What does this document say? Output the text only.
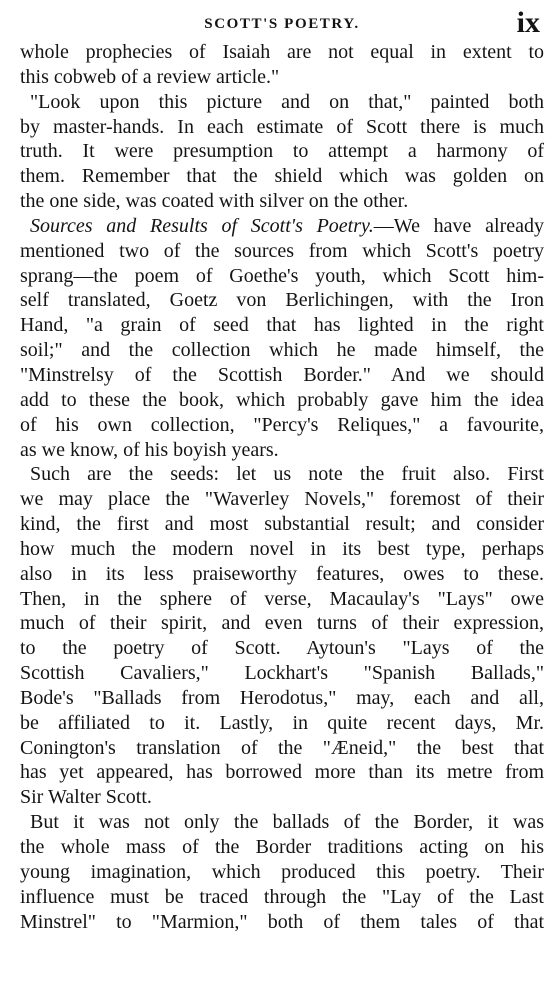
SCOTT'S POETRY.	ix
whole prophecies of Isaiah are not equal in extent to
this cobweb of a review article."
"Look upon this picture and on that," painted both
by master-hands. In each estimate of Scott there is much
truth. It were presumption to attempt a harmony of
them. Remember that the shield which was golden on
the one side, was coated with silver on the other.
Sources and Results of Scott's Poetry.—We have already
mentioned two of the sources from which Scott's poetry
sprang—the poem of Goethe's youth, which Scott him-
self translated, Goetz von Berlichingen, with the Iron
Hand, "a grain of seed that has lighted in the right
soil;" and the collection which he made himself, the
"Minstrelsy of the Scottish Border." And we should
add to these the book, which probably gave him the idea
of his own collection, "Percy's Reliques," a favourite,
as we know, of his boyish years.
Such are the seeds: let us note the fruit also. First
we may place the "Waverley Novels," foremost of their
kind, the first and most substantial result; and consider
how much the modern novel in its best type, perhaps
also in its less praiseworthy features, owes to these.
Then, in the sphere of verse, Macaulay's "Lays" owe
much of their spirit, and even turns of their expression,
to the poetry of Scott. Aytoun's "Lays of the
Scottish Cavaliers," Lockhart's "Spanish Ballads,"
Bode's "Ballads from Herodotus," may, each and all,
be affiliated to it. Lastly, in quite recent days, Mr.
Conington's translation of the "Æneid," the best that
has yet appeared, has borrowed more than its metre from
Sir Walter Scott.
But it was not only the ballads of the Border, it was
the whole mass of the Border traditions acting on his
young imagination, which produced this poetry. Their
influence must be traced through the "Lay of the Last
Minstrel" to "Marmion," both of them tales of that
